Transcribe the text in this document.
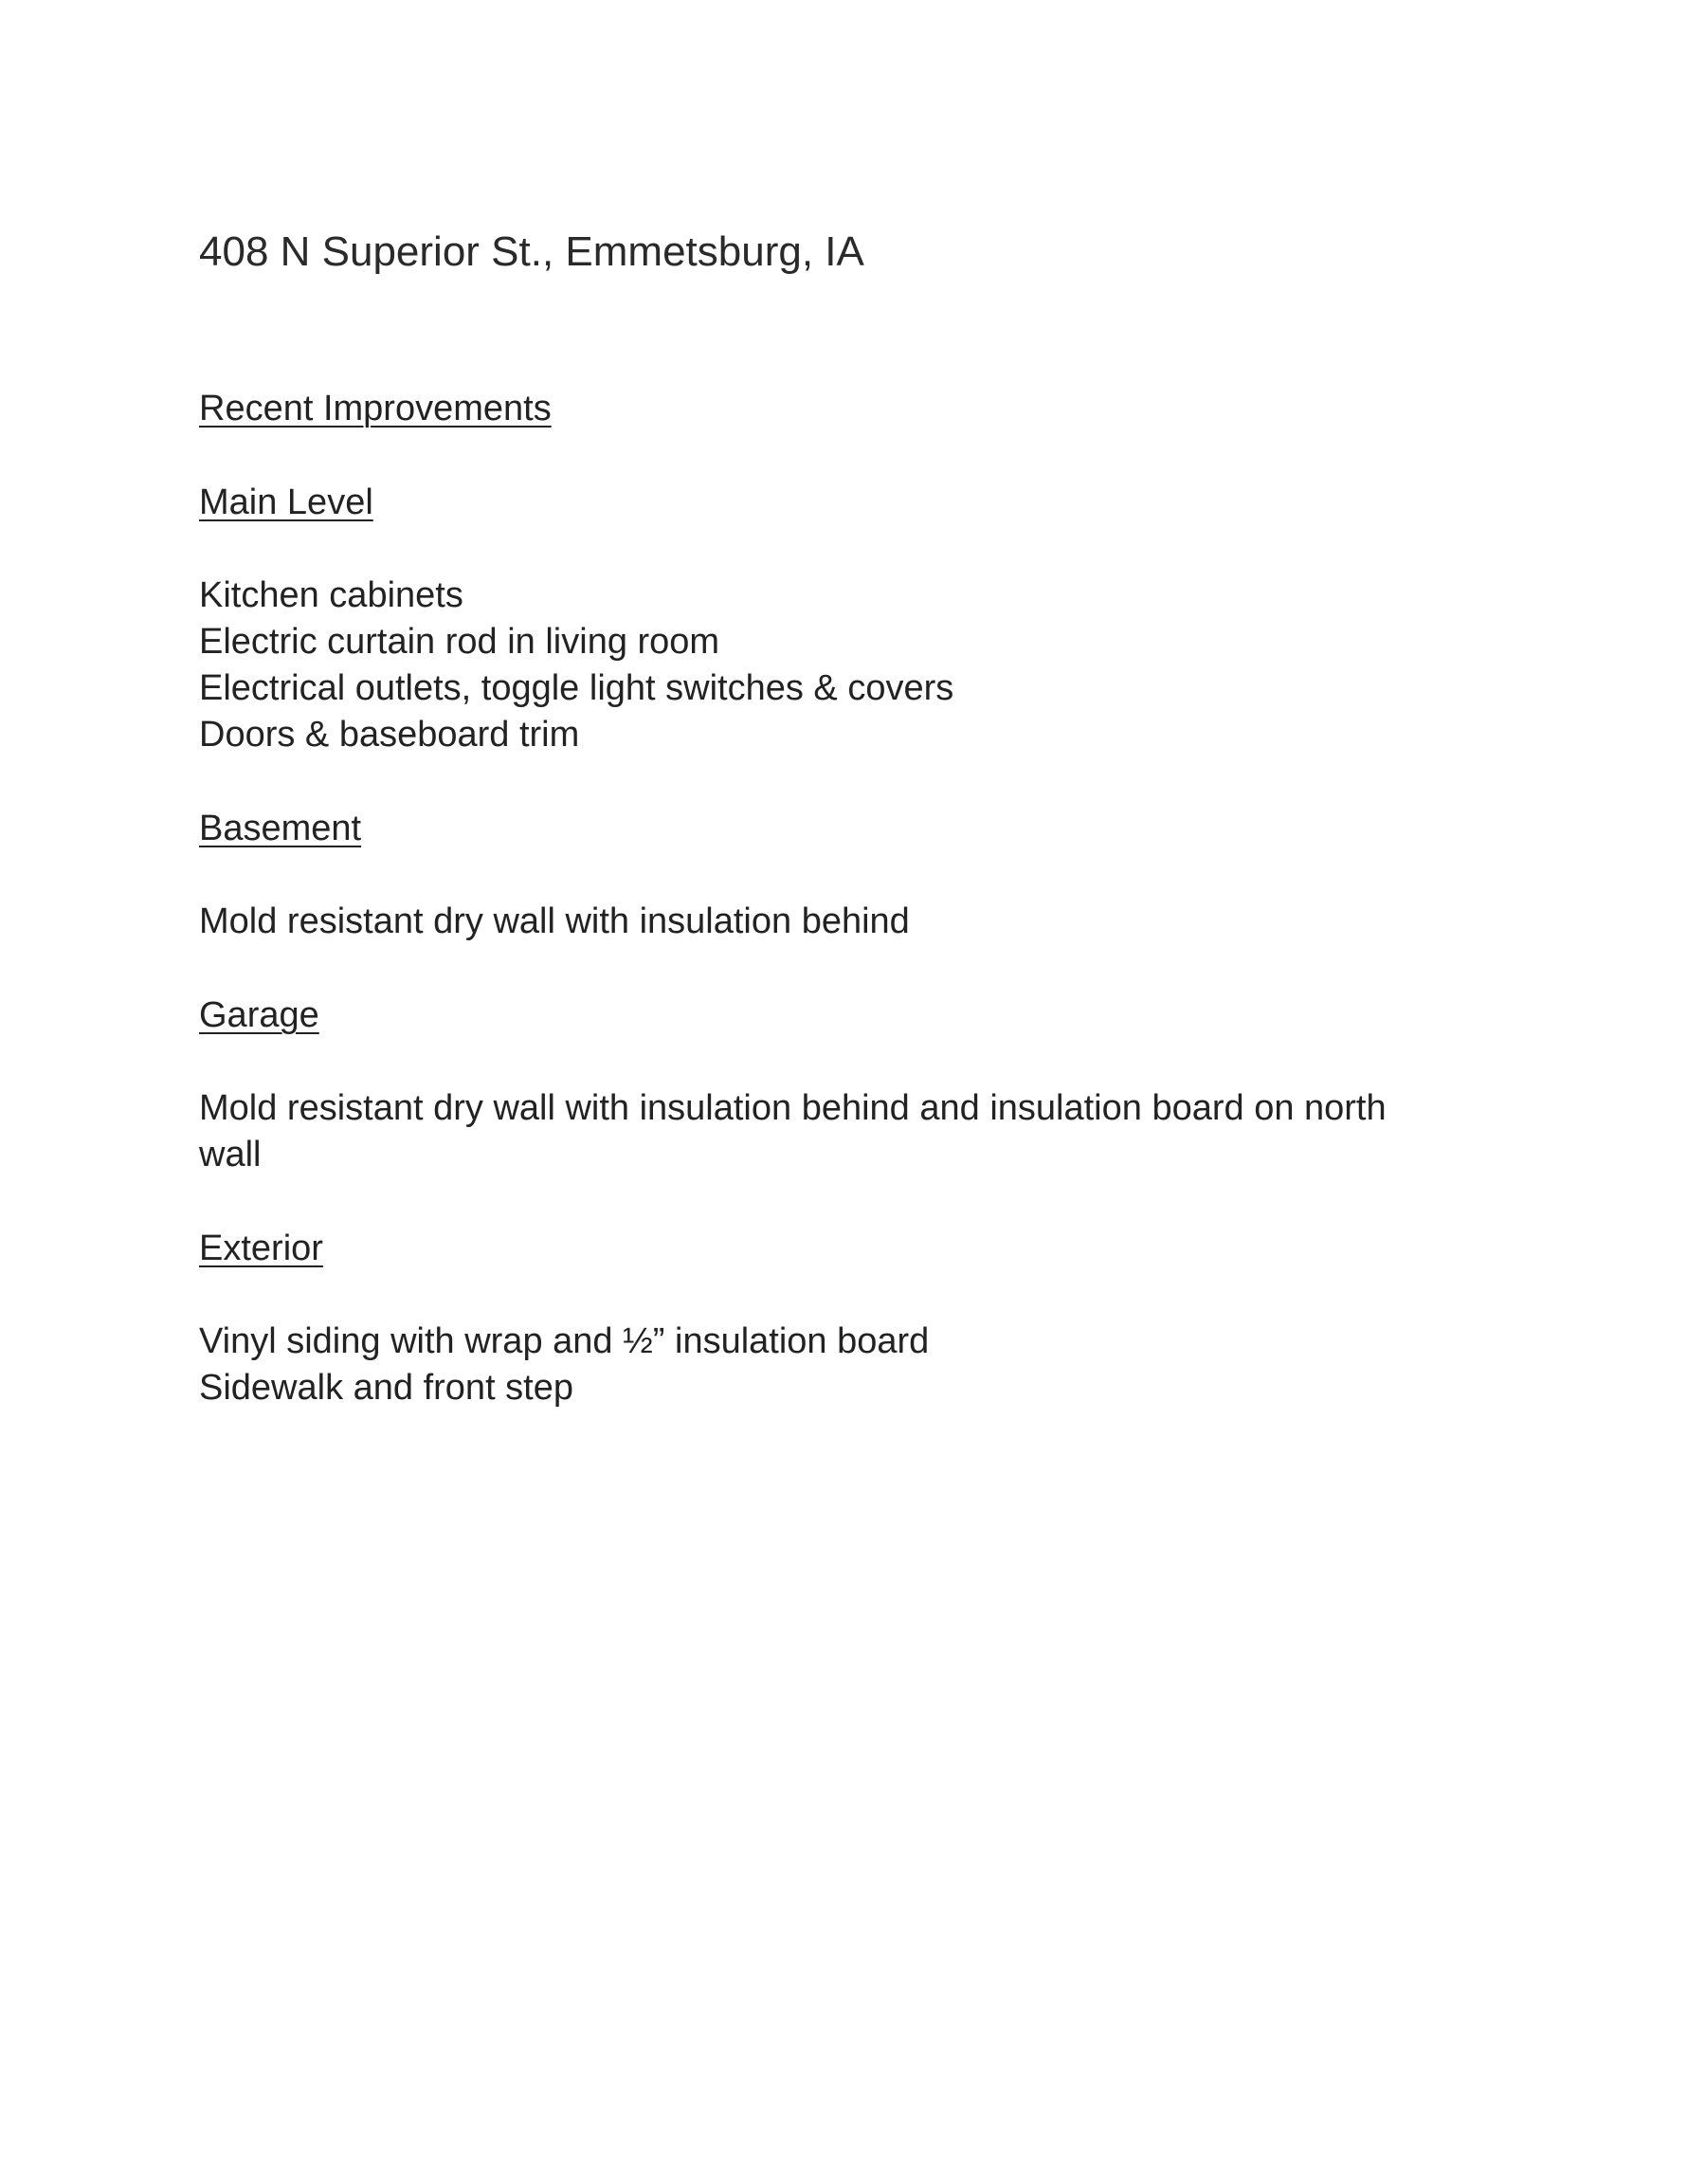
408 N Superior St., Emmetsburg, IA
Recent Improvements
Main Level
Kitchen cabinets
Electric curtain rod in living room
Electrical outlets, toggle light switches & covers
Doors & baseboard trim
Basement
Mold resistant dry wall with insulation behind
Garage
Mold resistant dry wall with insulation behind and insulation board on north
wall
Exterior
Vinyl siding with wrap and ½” insulation board
Sidewalk and front step
